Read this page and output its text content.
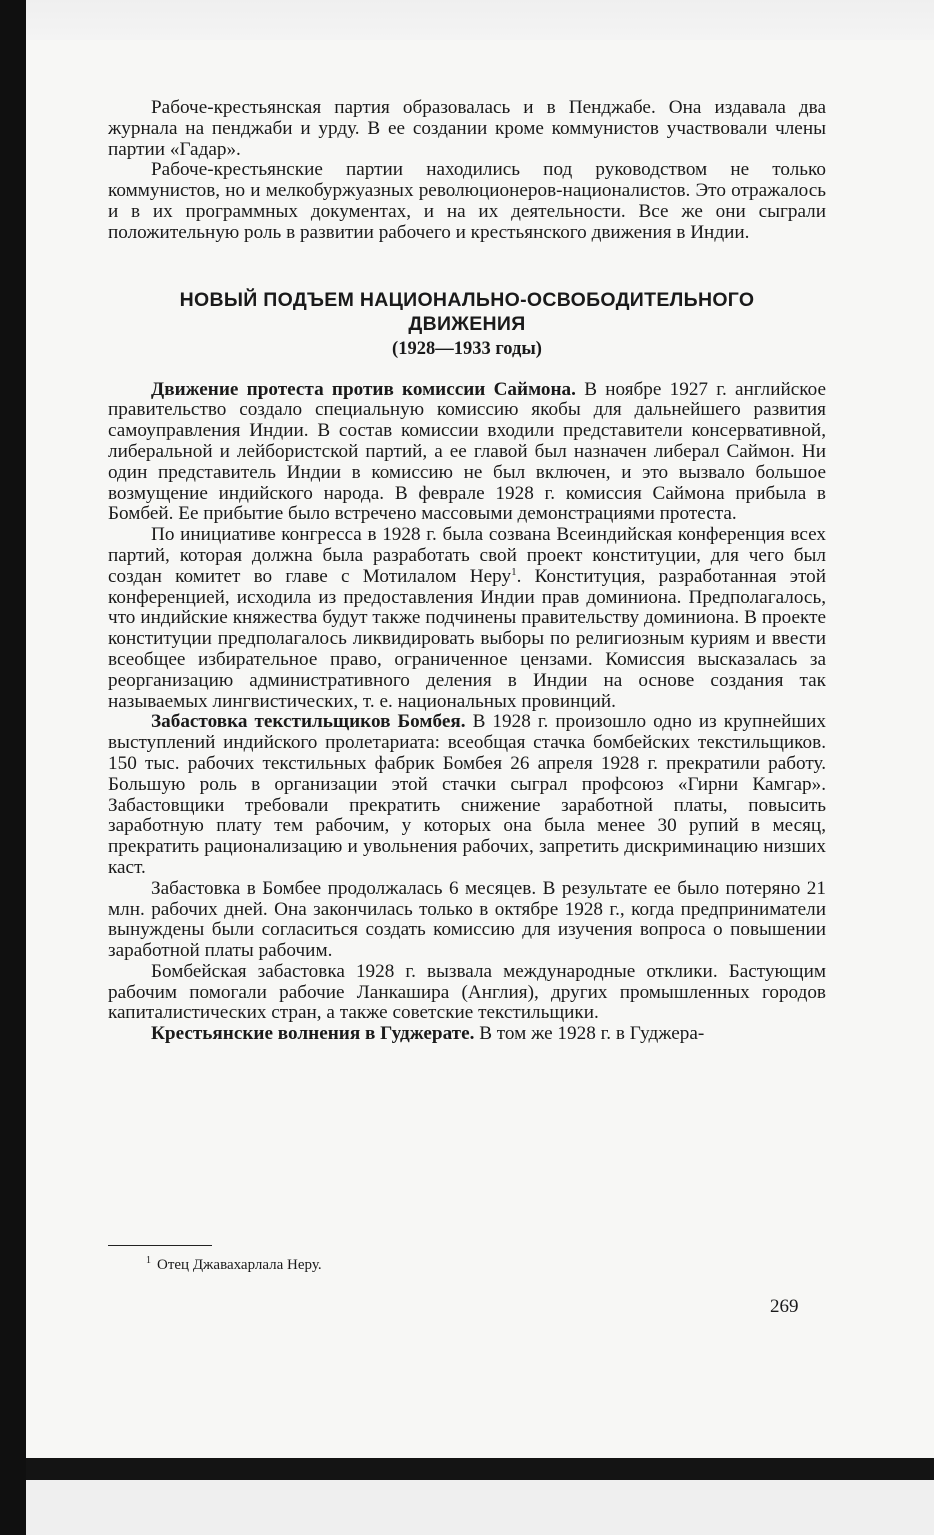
Рабоче-крестьянская партия образовалась и в Пенджабе. Она издавала два журнала на пенджаби и урду. В ее создании кроме коммунистов участвовали члены партии «Гадар».

Рабоче-крестьянские партии находились под руководством не только коммунистов, но и мелкобуржуазных революционеров-националистов. Это отражалось и в их программных документах, и на их деятельности. Все же они сыграли положительную роль в развитии рабочего и крестьянского движения в Индии.

НОВЫЙ ПОДЪЕМ НАЦИОНАЛЬНО-ОСВОБОДИТЕЛЬНОГО
ДВИЖЕНИЯ
(1928—1933 годы)

Движение протеста против комиссии Саймона. В ноябре 1927 г. английское правительство создало специальную комиссию якобы для дальнейшего развития самоуправления Индии. В состав комиссии входили представители консервативной, либеральной и лейбористской партий, а ее главой был назначен либерал Саймон. Ни один представитель Индии в комиссию не был включен, и это вызвало большое возмущение индийского народа. В феврале 1928 г. комиссия Саймона прибыла в Бомбей. Ее прибытие было встречено массовыми демонстрациями протеста.

По инициативе конгресса в 1928 г. была созвана Всеиндийская конференция всех партий, которая должна была разработать свой проект конституции, для чего был создан комитет во главе с Мотилалом Неру$^1$. Конституция, разработанная этой конференцией, исходила из предоставления Индии прав доминиона. Предполагалось, что индийские княжества будут также подчинены правительству доминиона. В проекте конституции предполагалось ликвидировать выборы по религиозным куриям и ввести всеобщее избирательное право, ограниченное цензами. Комиссия высказалась за реорганизацию административного деления в Индии на основе создания так называемых лингвистических, т. е. национальных провинций.

Забастовка текстильщиков Бомбея. В 1928 г. произошло одно из крупнейших выступлений индийского пролетариата: всеобщая стачка бомбейских текстильщиков. 150 тыс. рабочих текстильных фабрик Бомбея 26 апреля 1928 г. прекратили работу. Большую роль в организации этой стачки сыграл профсоюз «Гирни Камгар». Забастовщики требовали прекратить снижение заработной платы, повысить заработную плату тем рабочим, у которых она была менее 30 рупий в месяц, прекратить рационализацию и увольнения рабочих, запретить дискриминацию низших каст.

Забастовка в Бомбее продолжалась 6 месяцев. В результате ее было потеряно 21 млн. рабочих дней. Она закончилась только в октябре 1928 г., когда предприниматели вынуждены были согласиться создать комиссию для изучения вопроса о повышении заработной платы рабочим.

Бомбейская забастовка 1928 г. вызвала международные отклики. Бастующим рабочим помогали рабочие Ланкашира (Англия), других промышленных городов капиталистических стран, а также советские текстильщики.

Крестьянские волнения в Гуджерате. В том же 1928 г. в Гуджера-

$^1$ Отец Джавахарлала Неру.
269
